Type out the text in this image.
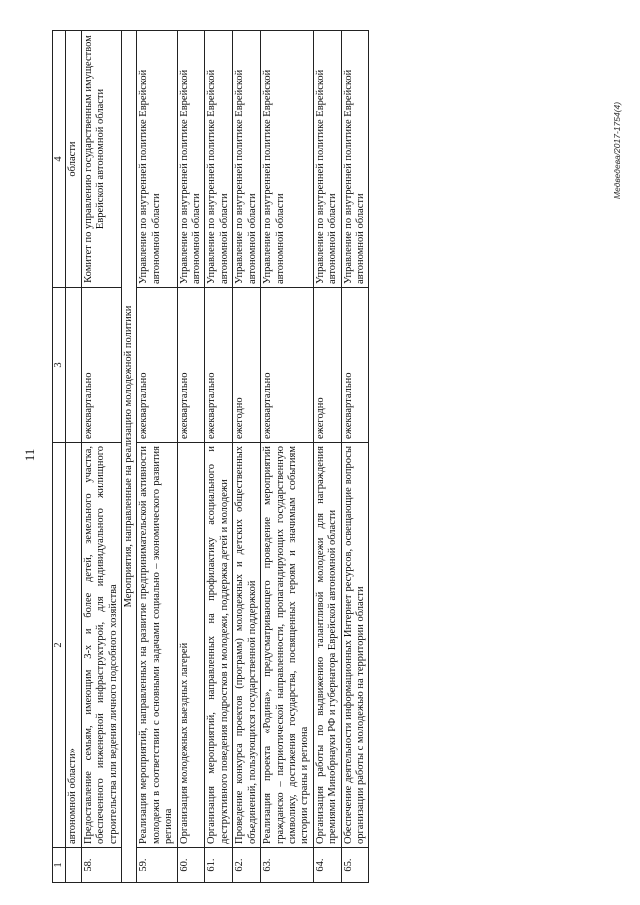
11
1	2	3	4
	автономной области»		области
58.	Предоставление семьям, имеющим 3-х и более детей, земельного участка, обеспеченного инженерной инфраструктурой, для индивидуального жилищного строительства или ведения личного подсобного хозяйства	ежеквартально	Комитет по управлению государственным имуществом Еврейской автономной области
Мероприятия, направленные на реализацию молодежной политики			
59.	Реализация мероприятий, направленных на развитие предпринимательской активности молодежи в соответствии с основными задачами социально – экономического развития региона	ежеквартально	Управление по внутренней политике Еврейской автономной области
60.	Организация молодежных выездных лагерей	ежеквартально	Управление по внутренней политике Еврейской автономной области
61.	Организация мероприятий, направленных на профилактику асоциального и деструктивного поведения подростков и молодежи, поддержка детей и молодежи	ежеквартально	Управление по внутренней политике Еврейской автономной области
62.	Проведение конкурса проектов (программ) молодежных и детских общественных объединений, пользующихся государственной поддержкой	ежегодно	Управление по внутренней политике Еврейской автономной области
63.	Реализация проекта «Родина», предусматривающего проведение мероприятий гражданско – патриотической направленности, пропагандирующих государственную символику, достижения государства, посвященных героям и значимым событиям истории страны и региона	ежеквартально	Управление по внутренней политике Еврейской автономной области
64.	Организация работы по выдвижению талантливой молодежи для награждения премиями Минобрнауки РФ и губернатора Еврейской автономной области	ежегодно	Управление по внутренней политике Еврейской автономной области
65.	Обеспечение деятельности информационных Интернет ресурсов, освещающие вопросы организации работы с молодежью на территории области	ежеквартально	Управление по внутренней политике Еврейской автономной области
Медведева/2017-1754(4)
